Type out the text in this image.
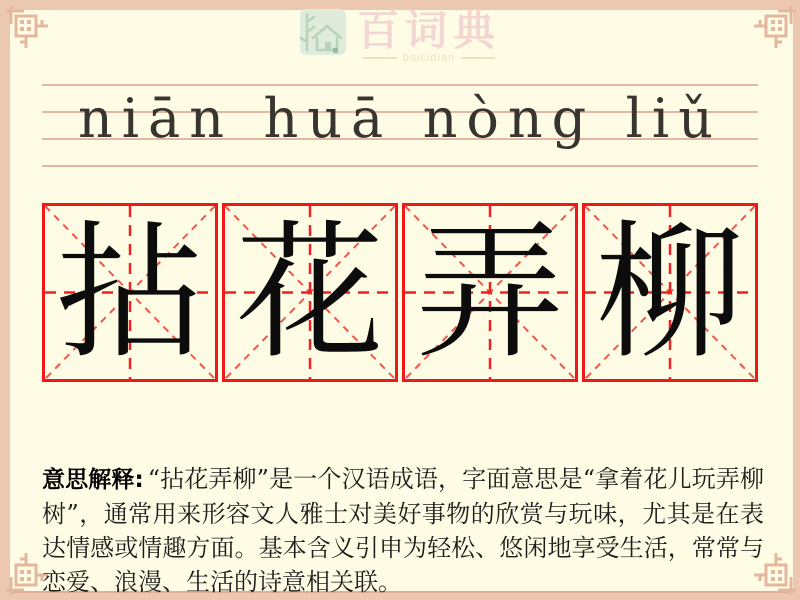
百词典
baicidian
niān huā nòng liǔ
拈 花 弄 柳

意思解释: “拈花弄柳”是一个汉语成语，字面意思是“拿着花儿玩弄柳树”，通常用来形容文人雅士对美好事物的欣赏与玩味，尤其是在表达情感或情趣方面。基本含义引申为轻松、悠闲地享受生活，常常与恋爱、浪漫、生活的诗意相关联。
